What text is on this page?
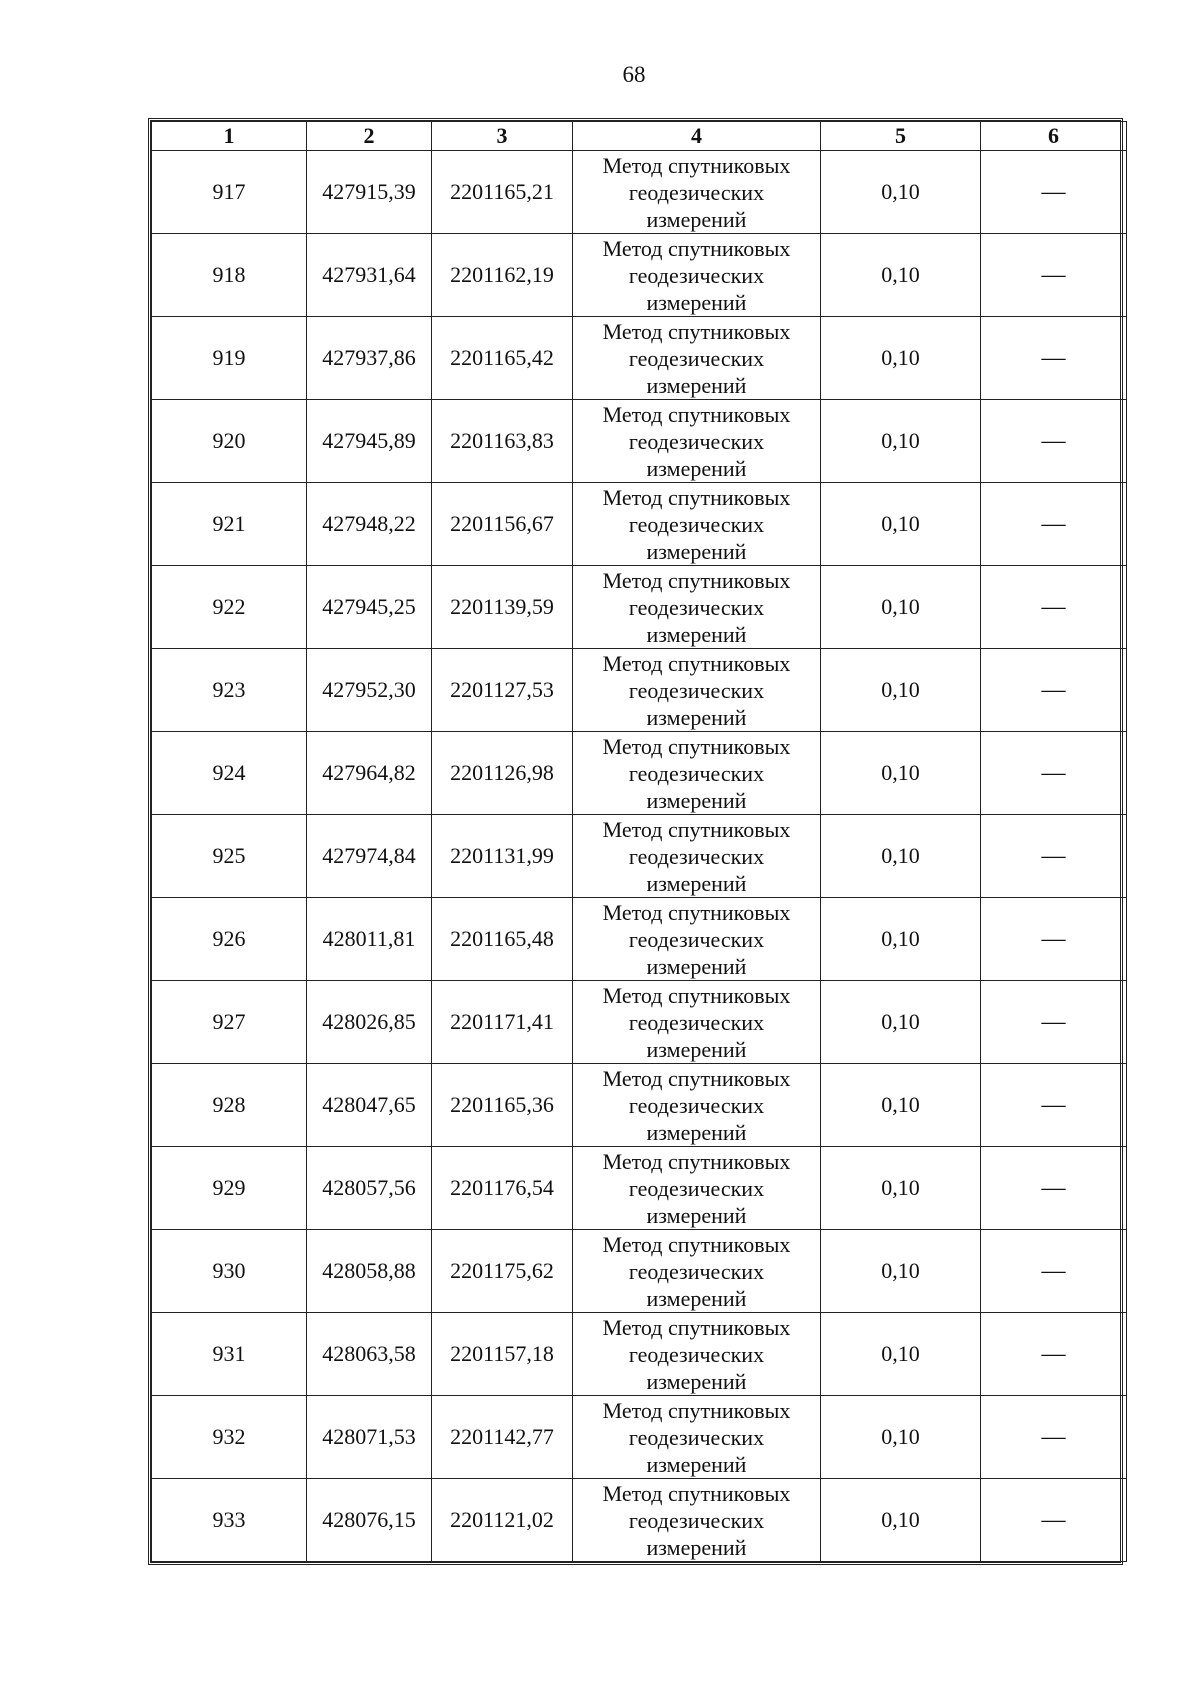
68
1	2	3	4	5	6
917	427915,39	2201165,21	Метод спутниковых
геодезических
измерений	0,10	—
918	427931,64	2201162,19	Метод спутниковых
геодезических
измерений	0,10	—
919	427937,86	2201165,42	Метод спутниковых
геодезических
измерений	0,10	—
920	427945,89	2201163,83	Метод спутниковых
геодезических
измерений	0,10	—
921	427948,22	2201156,67	Метод спутниковых
геодезических
измерений	0,10	—
922	427945,25	2201139,59	Метод спутниковых
геодезических
измерений	0,10	—
923	427952,30	2201127,53	Метод спутниковых
геодезических
измерений	0,10	—
924	427964,82	2201126,98	Метод спутниковых
геодезических
измерений	0,10	—
925	427974,84	2201131,99	Метод спутниковых
геодезических
измерений	0,10	—
926	428011,81	2201165,48	Метод спутниковых
геодезических
измерений	0,10	—
927	428026,85	2201171,41	Метод спутниковых
геодезических
измерений	0,10	—
928	428047,65	2201165,36	Метод спутниковых
геодезических
измерений	0,10	—
929	428057,56	2201176,54	Метод спутниковых
геодезических
измерений	0,10	—
930	428058,88	2201175,62	Метод спутниковых
геодезических
измерений	0,10	—
931	428063,58	2201157,18	Метод спутниковых
геодезических
измерений	0,10	—
932	428071,53	2201142,77	Метод спутниковых
геодезических
измерений	0,10	—
933	428076,15	2201121,02	Метод спутниковых
геодезических
измерений	0,10	—
